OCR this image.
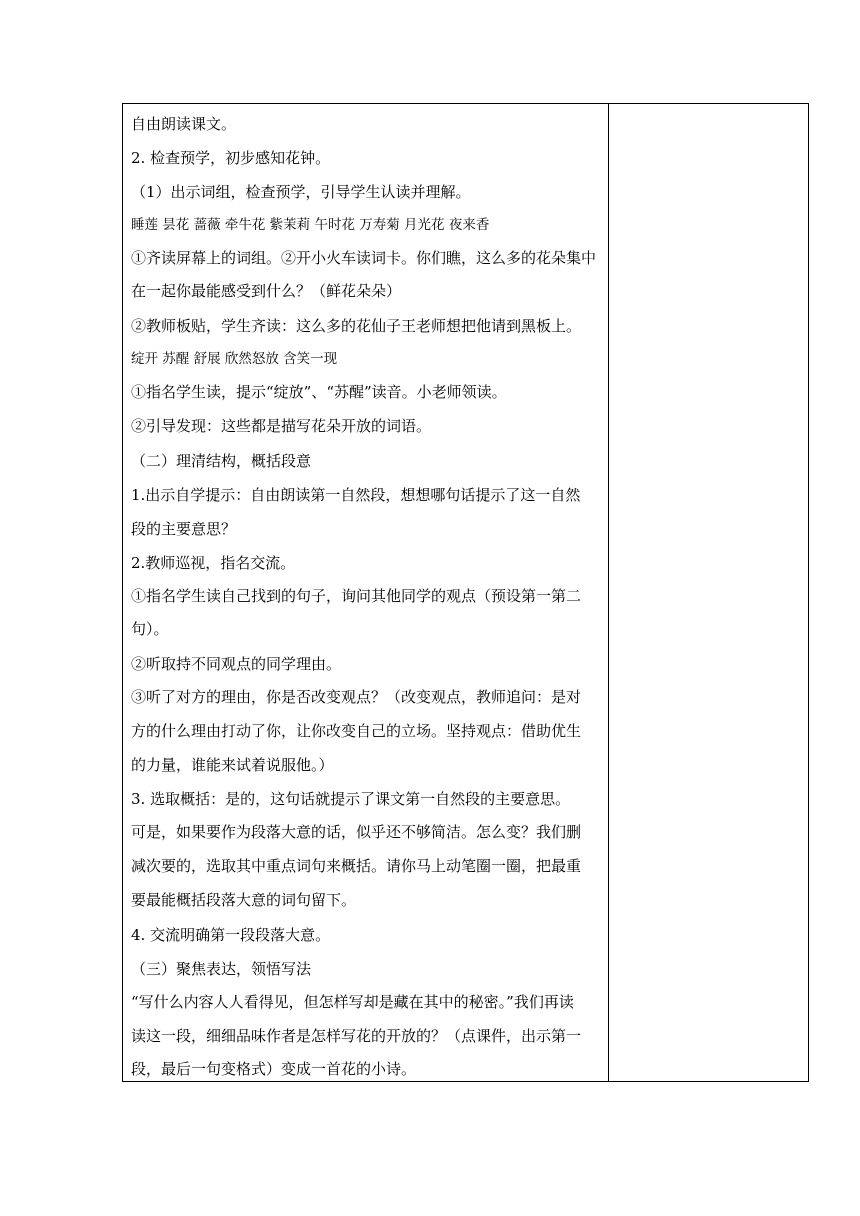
自由朗读课文。
2. 检查预学，初步感知花钟。
（1）出示词组，检查预学，引导学生认读并理解。
睡莲 昙花 蔷薇 牵牛花 紫茉莉 午时花 万寿菊 月光花 夜来香
①齐读屏幕上的词组。②开小火车读词卡。你们瞧，这么多的花朵集中
在一起你最能感受到什么？（鲜花朵朵）
②教师板贴，学生齐读：这么多的花仙子王老师想把他请到黑板上。
绽开 苏醒 舒展 欣然怒放 含笑一现
①指名学生读，提示“绽放”、“苏醒”读音。小老师领读。
②引导发现：这些都是描写花朵开放的词语。
（二）理清结构，概括段意
1.出示自学提示：自由朗读第一自然段，想想哪句话提示了这一自然
段的主要意思？
2.教师巡视，指名交流。
①指名学生读自己找到的句子，询问其他同学的观点（预设第一第二
句）。
②听取持不同观点的同学理由。
③听了对方的理由，你是否改变观点？（改变观点，教师追问：是对
方的什么理由打动了你，让你改变自己的立场。坚持观点：借助优生
的力量，谁能来试着说服他。）
3. 选取概括：是的，这句话就提示了课文第一自然段的主要意思。
可是，如果要作为段落大意的话，似乎还不够简洁。怎么变？我们删
减次要的，选取其中重点词句来概括。请你马上动笔圈一圈，把最重
要最能概括段落大意的词句留下。
4. 交流明确第一段段落大意。
（三）聚焦表达，领悟写法
“写什么内容人人看得见，但怎样写却是藏在其中的秘密。”我们再读
读这一段，细细品味作者是怎样写花的开放的？（点课件，出示第一
段，最后一句变格式）变成一首花的小诗。
